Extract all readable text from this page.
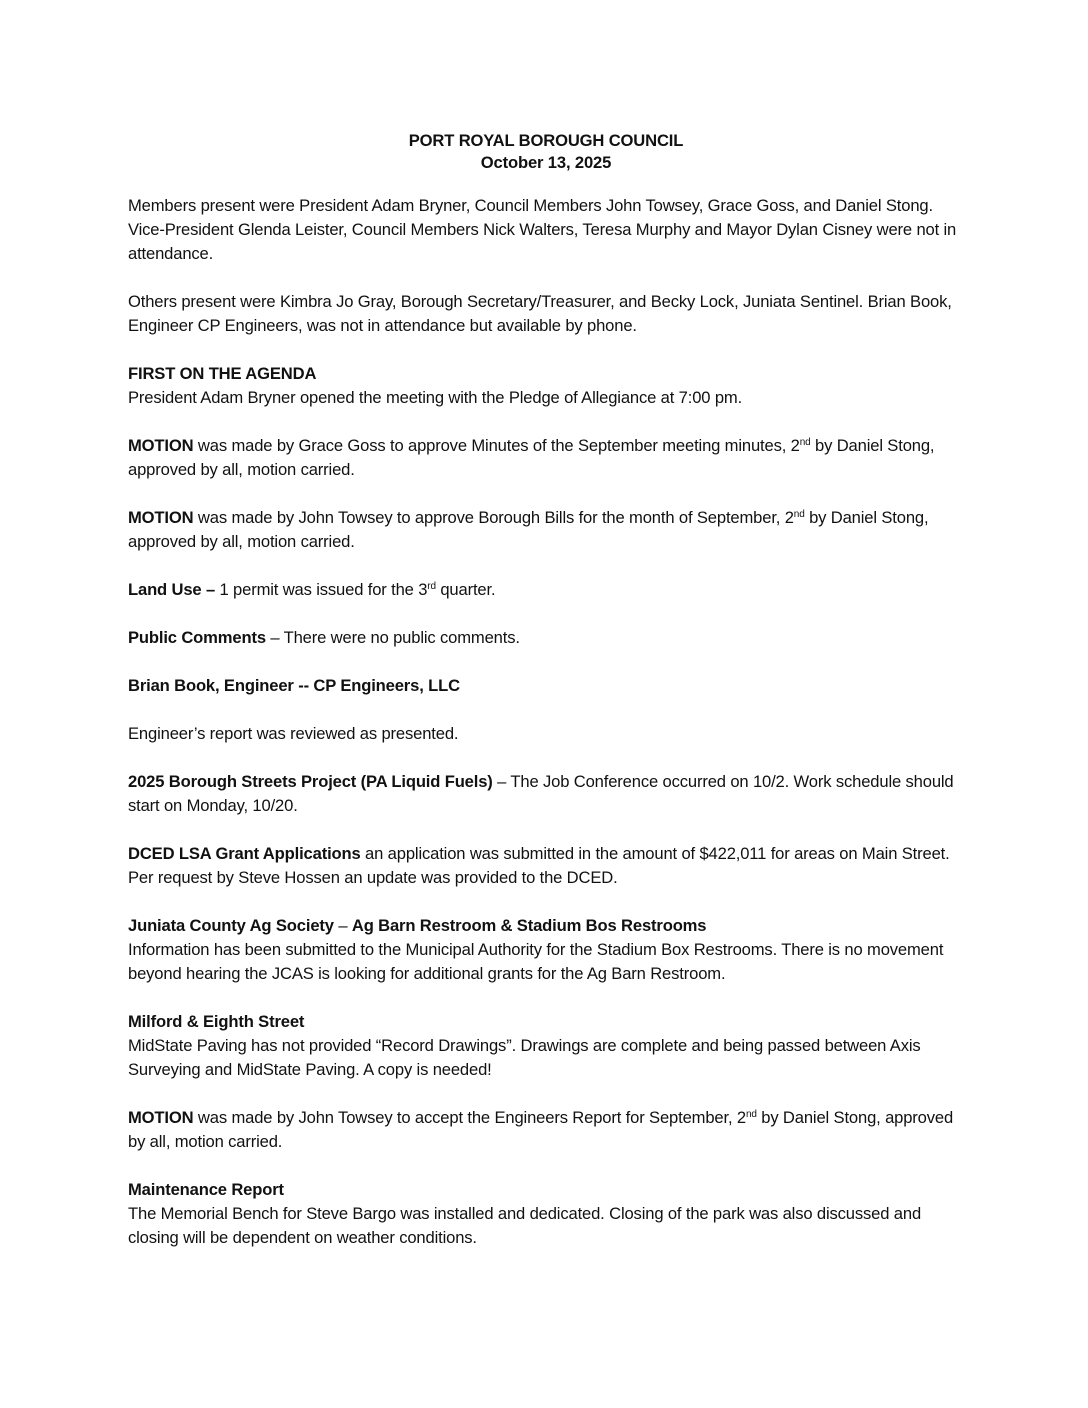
PORT ROYAL BOROUGH COUNCIL
October 13, 2025

Members present were President Adam Bryner, Council Members John Towsey, Grace Goss, and Daniel Stong. Vice-President Glenda Leister, Council Members Nick Walters, Teresa Murphy and Mayor Dylan Cisney were not in attendance.

Others present were Kimbra Jo Gray, Borough Secretary/Treasurer, and Becky Lock, Juniata Sentinel. Brian Book, Engineer CP Engineers, was not in attendance but available by phone.

FIRST ON THE AGENDA

President Adam Bryner opened the meeting with the Pledge of Allegiance at 7:00 pm.

MOTION was made by Grace Goss to approve Minutes of the September meeting minutes, 2nd by Daniel Stong, approved by all, motion carried.

MOTION was made by John Towsey to approve Borough Bills for the month of September, 2nd by Daniel Stong, approved by all, motion carried.

Land Use – 1 permit was issued for the 3rd quarter.

Public Comments – There were no public comments.

Brian Book, Engineer -- CP Engineers, LLC

Engineer’s report was reviewed as presented.

2025 Borough Streets Project (PA Liquid Fuels) – The Job Conference occurred on 10/2. Work schedule should start on Monday, 10/20.

DCED LSA Grant Applications an application was submitted in the amount of $422,011 for areas on Main Street. Per request by Steve Hossen an update was provided to the DCED.

Juniata County Ag Society – Ag Barn Restroom & Stadium Bos Restrooms

Information has been submitted to the Municipal Authority for the Stadium Box Restrooms. There is no movement beyond hearing the JCAS is looking for additional grants for the Ag Barn Restroom.

Milford & Eighth Street

MidState Paving has not provided “Record Drawings”. Drawings are complete and being passed between Axis Surveying and MidState Paving. A copy is needed!

MOTION was made by John Towsey to accept the Engineers Report for September, 2nd by Daniel Stong, approved by all, motion carried.

Maintenance Report

The Memorial Bench for Steve Bargo was installed and dedicated. Closing of the park was also discussed and closing will be dependent on weather conditions.
